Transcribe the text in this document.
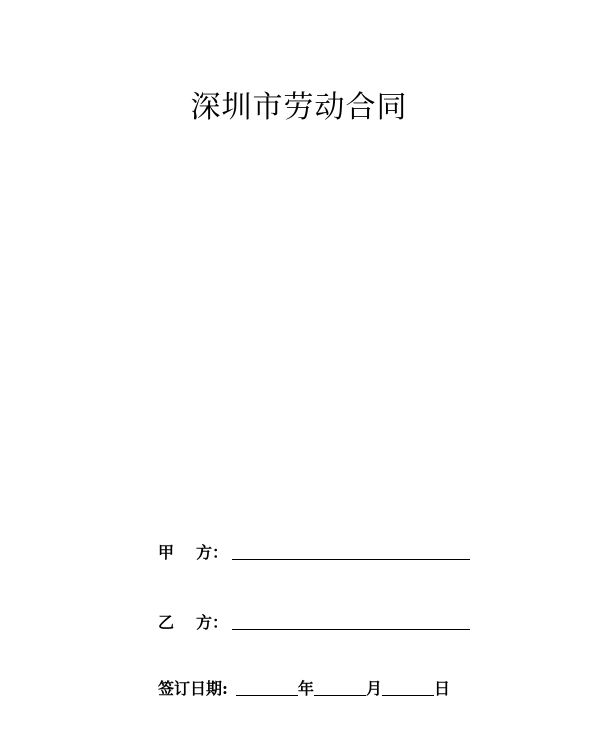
深圳市劳动合同
甲 方 ：
乙 方 ：
签订日期:	年	月	日
